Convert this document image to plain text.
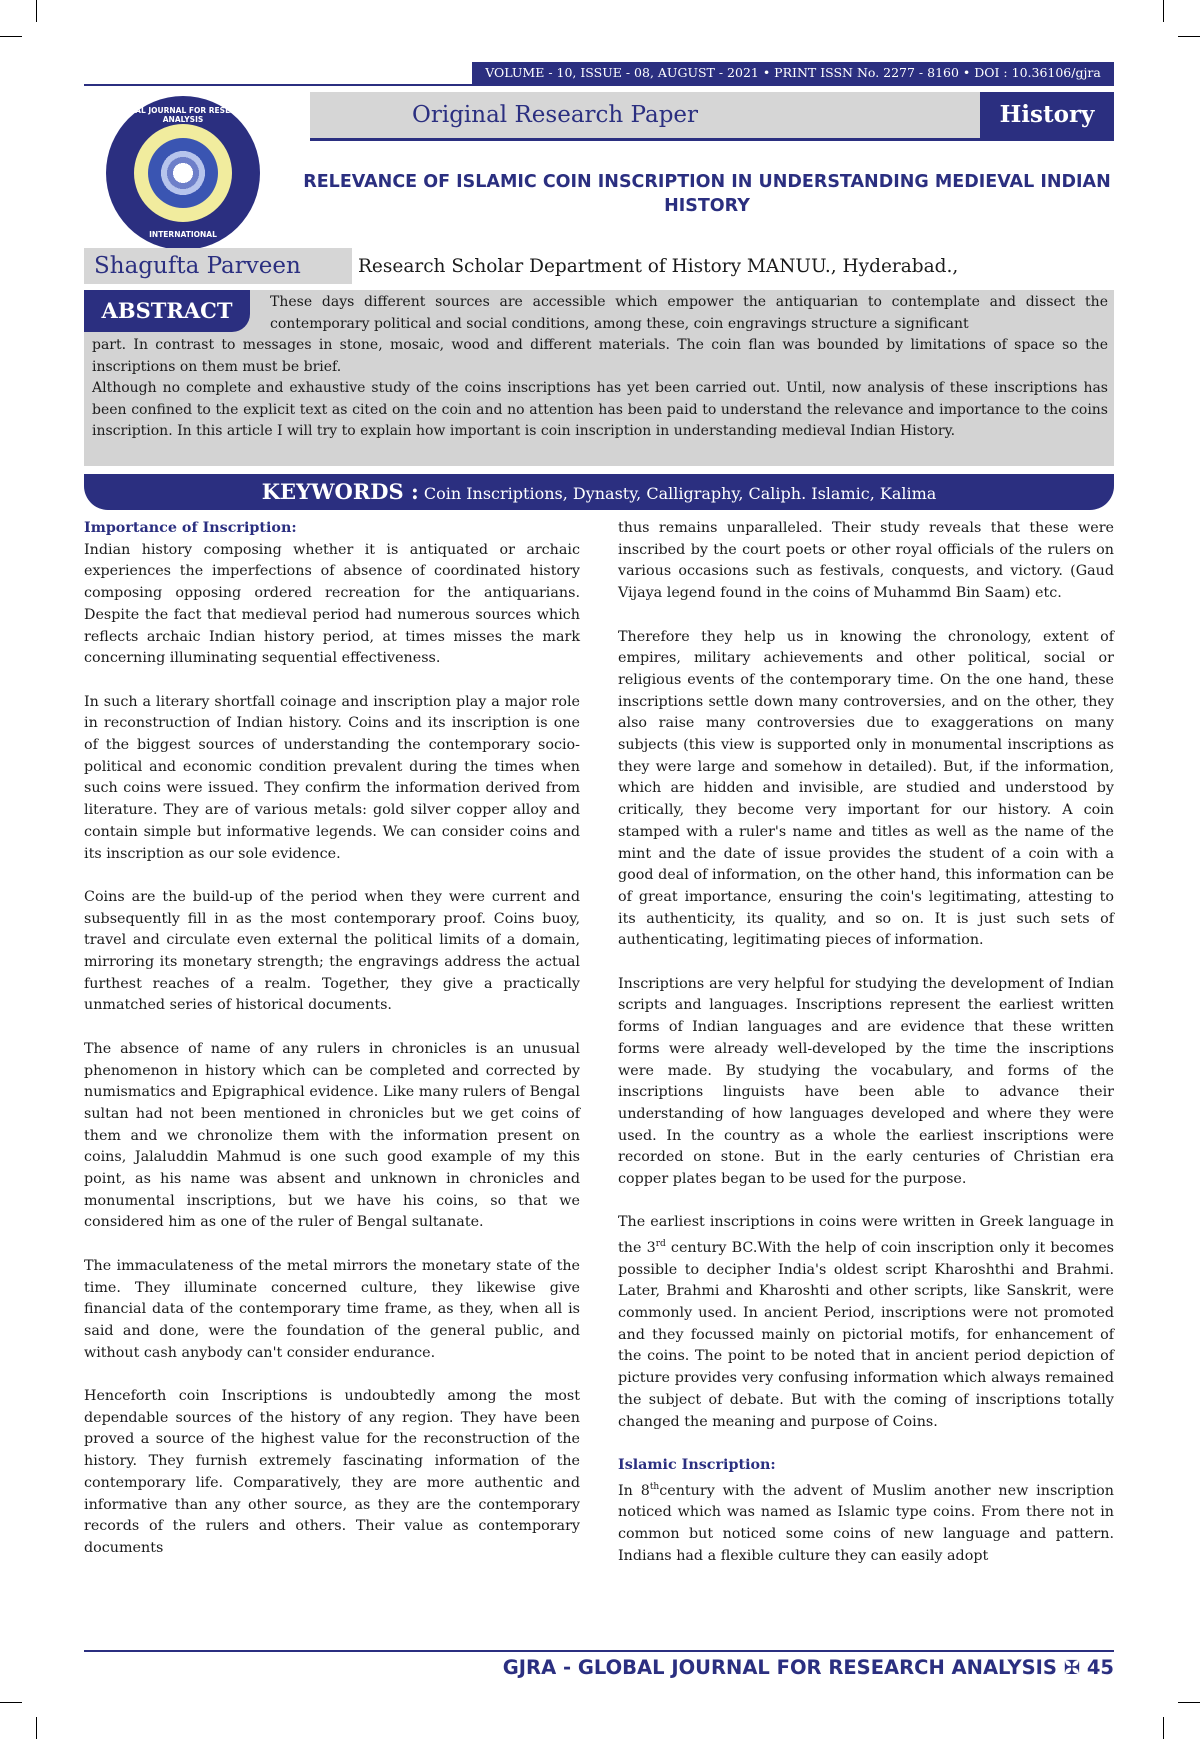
VOLUME - 10, ISSUE - 08, AUGUST - 2021 • PRINT ISSN No. 2277 - 8160 • DOI : 10.36106/gjra
GLOBAL JOURNAL FOR RESEARCH ANALYSIS
INTERNATIONAL
Original Research Paper	History
RELEVANCE OF ISLAMIC COIN INSCRIPTION IN UNDERSTANDING MEDIEVAL INDIAN HISTORY
Shagufta Parveen	Research Scholar Department of History MANUU., Hyderabad.,
ABSTRACT	These days different sources are accessible which empower the antiquarian to contemplate and dissect the contemporary political and social conditions, among these, coin engravings structure a significant

part. In contrast to messages in stone, mosaic, wood and different materials. The coin flan was bounded by limitations of space so the inscriptions on them must be brief.

Although no complete and exhaustive study of the coins inscriptions has yet been carried out. Until, now analysis of these inscriptions has been confined to the explicit text as cited on the coin and no attention has been paid to understand the relevance and importance to the coins inscription. In this article I will try to explain how important is coin inscription in understanding medieval Indian History.

KEYWORDS : Coin Inscriptions, Dynasty, Calligraphy, Caliph. Islamic, Kalima
Importance of Inscription:

Indian history composing whether it is antiquated or archaic experiences the imperfections of absence of coordinated history composing opposing ordered recreation for the antiquarians. Despite the fact that medieval period had numerous sources which reflects archaic Indian history period, at times misses the mark concerning illuminating sequential effectiveness.

In such a literary shortfall coinage and inscription play a major role in reconstruction of Indian history. Coins and its inscription is one of the biggest sources of understanding the contemporary socio-political and economic condition prevalent during the times when such coins were issued. They confirm the information derived from literature. They are of various metals: gold silver copper alloy and contain simple but informative legends. We can consider coins and its inscription as our sole evidence.

Coins are the build-up of the period when they were current and subsequently fill in as the most contemporary proof. Coins buoy, travel and circulate even external the political limits of a domain, mirroring its monetary strength; the engravings address the actual furthest reaches of a realm. Together, they give a practically unmatched series of historical documents.

The absence of name of any rulers in chronicles is an unusual phenomenon in history which can be completed and corrected by numismatics and Epigraphical evidence. Like many rulers of Bengal sultan had not been mentioned in chronicles but we get coins of them and we chronolize them with the information present on coins, Jalaluddin Mahmud is one such good example of my this point, as his name was absent and unknown in chronicles and monumental inscriptions, but we have his coins, so that we considered him as one of the ruler of Bengal sultanate.

The immaculateness of the metal mirrors the monetary state of the time. They illuminate concerned culture, they likewise give financial data of the contemporary time frame, as they, when all is said and done, were the foundation of the general public, and without cash anybody can't consider endurance.

Henceforth coin Inscriptions is undoubtedly among the most dependable sources of the history of any region. They have been proved a source of the highest value for the reconstruction of the history. They furnish extremely fascinating information of the contemporary life. Comparatively, they are more authentic and informative than any other source, as they are the contemporary records of the rulers and others. Their value as contemporary documents

thus remains unparalleled. Their study reveals that these were inscribed by the court poets or other royal officials of the rulers on various occasions such as festivals, conquests, and victory. (Gaud Vijaya legend found in the coins of Muhammd Bin Saam) etc.

Therefore they help us in knowing the chronology, extent of empires, military achievements and other political, social or religious events of the contemporary time. On the one hand, these inscriptions settle down many controversies, and on the other, they also raise many controversies due to exaggerations on many subjects (this view is supported only in monumental inscriptions as they were large and somehow in detailed). But, if the information, which are hidden and invisible, are studied and understood by critically, they become very important for our history. A coin stamped with a ruler's name and titles as well as the name of the mint and the date of issue provides the student of a coin with a good deal of information, on the other hand, this information can be of great importance, ensuring the coin's legitimating, attesting to its authenticity, its quality, and so on. It is just such sets of authenticating, legitimating pieces of information.

Inscriptions are very helpful for studying the development of Indian scripts and languages. Inscriptions represent the earliest written forms of Indian languages and are evidence that these written forms were already well-developed by the time the inscriptions were made. By studying the vocabulary, and forms of the inscriptions linguists have been able to advance their understanding of how languages developed and where they were used. In the country as a whole the earliest inscriptions were recorded on stone. But in the early centuries of Christian era copper plates began to be used for the purpose.

The earliest inscriptions in coins were written in Greek language in the 3rd century BC.With the help of coin inscription only it becomes possible to decipher India's oldest script Kharoshthi and Brahmi. Later, Brahmi and Kharoshti and other scripts, like Sanskrit, were commonly used. In ancient Period, inscriptions were not promoted and they focussed mainly on pictorial motifs, for enhancement of the coins. The point to be noted that in ancient period depiction of picture provides very confusing information which always remained the subject of debate. But with the coming of inscriptions totally changed the meaning and purpose of Coins.

Islamic Inscription:

In 8thcentury with the advent of Muslim another new inscription noticed which was named as Islamic type coins. From there not in common but noticed some coins of new language and pattern. Indians had a flexible culture they can easily adopt

GJRA - GLOBAL JOURNAL FOR RESEARCH ANALYSIS ✠ 45
